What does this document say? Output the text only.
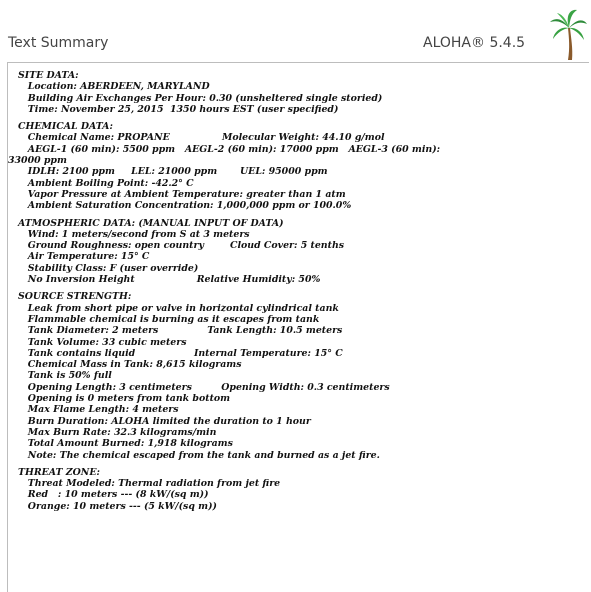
Text Summary	ALOHA® 5.4.5
SITE DATA:
Location: ABERDEEN, MARYLAND
Building Air Exchanges Per Hour: 0.30 (unsheltered single storied)
Time: November 25, 2015  1350 hours EST (user specified)
CHEMICAL DATA:
Chemical Name: PROPANE                Molecular Weight: 44.10 g/mol
AEGL-1 (60 min): 5500 ppm   AEGL-2 (60 min): 17000 ppm   AEGL-3 (60 min):
33000 ppm
IDLH: 2100 ppm     LEL: 21000 ppm       UEL: 95000 ppm
Ambient Boiling Point: -42.2° C
Vapor Pressure at Ambient Temperature: greater than 1 atm
Ambient Saturation Concentration: 1,000,000 ppm or 100.0%
ATMOSPHERIC DATA: (MANUAL INPUT OF DATA)
Wind: 1 meters/second from S at 3 meters
Ground Roughness: open country        Cloud Cover: 5 tenths
Air Temperature: 15° C
Stability Class: F (user override)
No Inversion Height                   Relative Humidity: 50%
SOURCE STRENGTH:
Leak from short pipe or valve in horizontal cylindrical tank
Flammable chemical is burning as it escapes from tank
Tank Diameter: 2 meters               Tank Length: 10.5 meters
Tank Volume: 33 cubic meters
Tank contains liquid                  Internal Temperature: 15° C
Chemical Mass in Tank: 8,615 kilograms
Tank is 50% full
Opening Length: 3 centimeters         Opening Width: 0.3 centimeters
Opening is 0 meters from tank bottom
Max Flame Length: 4 meters
Burn Duration: ALOHA limited the duration to 1 hour
Max Burn Rate: 32.3 kilograms/min
Total Amount Burned: 1,918 kilograms
Note: The chemical escaped from the tank and burned as a jet fire.
THREAT ZONE:
Threat Modeled: Thermal radiation from jet fire
Red   : 10 meters --- (8 kW/(sq m))
Orange: 10 meters --- (5 kW/(sq m))
